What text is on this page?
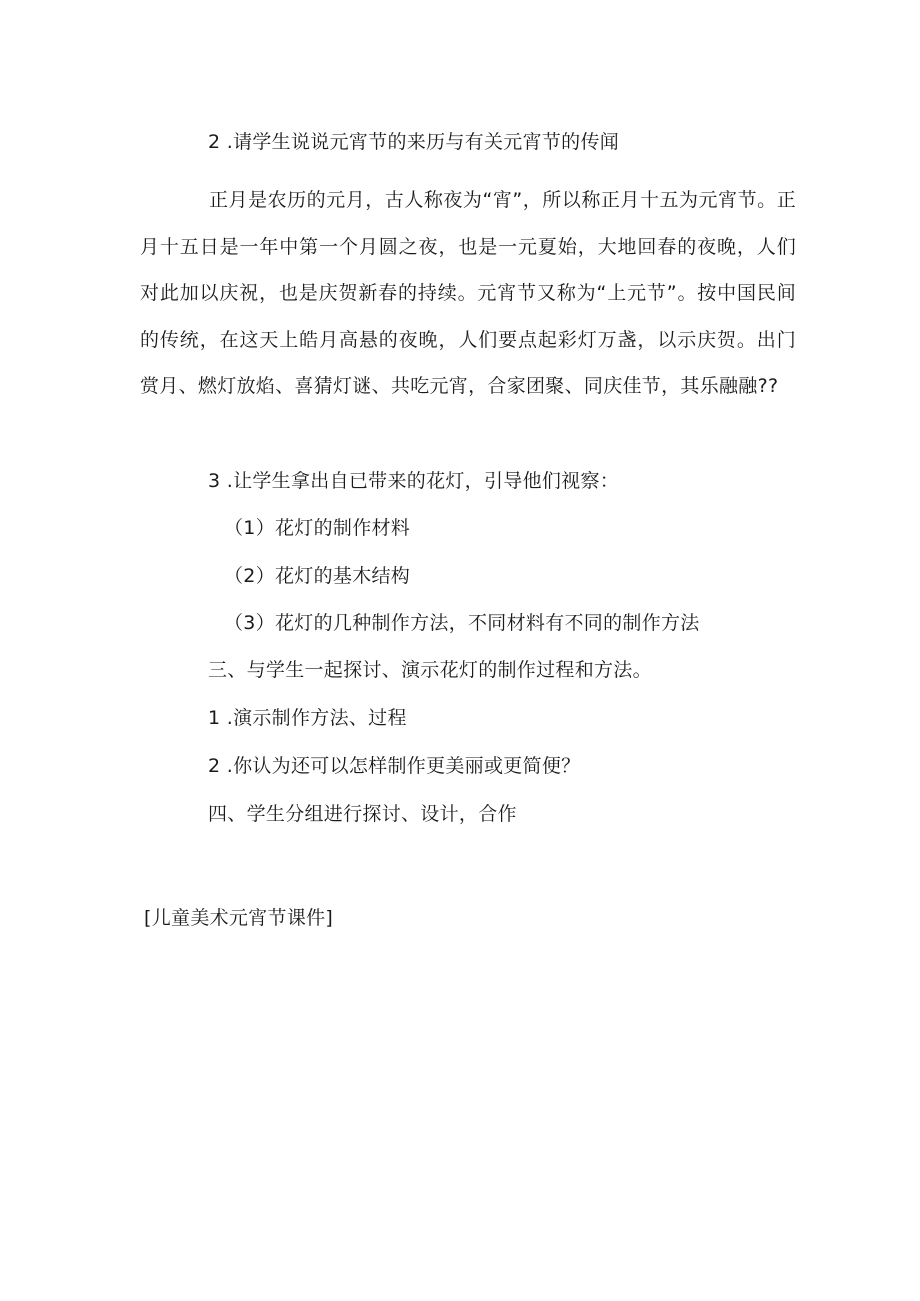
2 .请学生说说元宵节的来历与有关元宵节的传闻
正月是农历的元月，古人称夜为“宵”，所以称正月十五为元宵节。正月十五日是一年中第一个月圆之夜，也是一元夏始，大地回春的夜晚，人们对此加以庆祝，也是庆贺新春的持续。元宵节又称为“上元节”。按中国民间的传统，在这天上皓月高悬的夜晚，人们要点起彩灯万盏，以示庆贺。出门赏月、燃灯放焰、喜猜灯谜、共吃元宵，合家团聚、同庆佳节，其乐融融??
3 .让学生拿出自已带来的花灯，引导他们视察：
（1）花灯的制作材料
（2）花灯的基木结构
（3）花灯的几种制作方法，不同材料有不同的制作方法
三、与学生一起探讨、演示花灯的制作过程和方法。
1 .演示制作方法、过程
2 .你认为还可以怎样制作更美丽或更简便？
四、学生分组进行探讨、设计，合作
[儿童美术元宵节课件]
